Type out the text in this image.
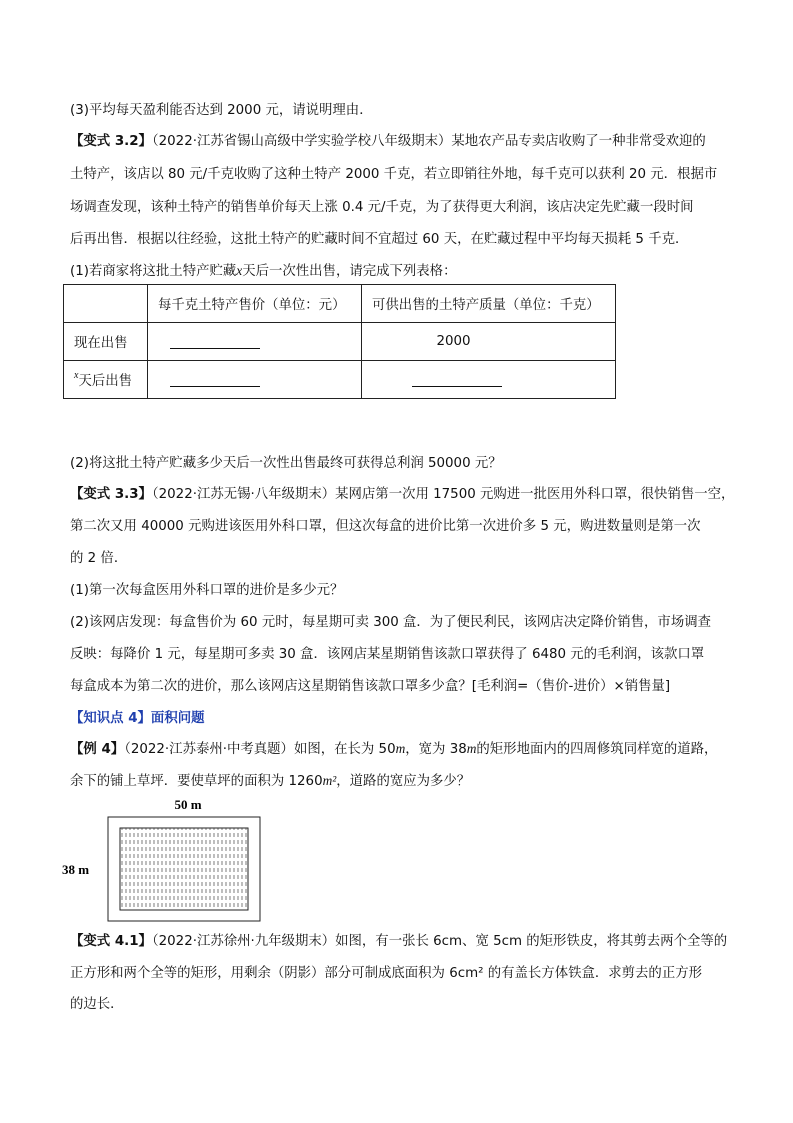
(3)平均每天盈利能否达到 2000 元，请说明理由．
【变式 3.2】（2022·江苏省锡山高级中学实验学校八年级期末）某地农产品专卖店收购了一种非常受欢迎的
土特产，该店以 80 元/千克收购了这种土特产 2000 千克，若立即销往外地，每千克可以获利 20 元．根据市
场调查发现，该种土特产的销售单价每天上涨 0.4 元/千克，为了获得更大利润，该店决定先贮藏一段时间
后再出售．根据以往经验，这批土特产的贮藏时间不宜超过 60 天，在贮藏过程中平均每天损耗 5 千克．
(1)若商家将这批土特产贮藏x天后一次性出售，请完成下列表格：
	每千克土特产售价（单位：元）	可供出售的土特产质量（单位：千克）
现在出售		2000
$^x$天后出售		
(2)将这批土特产贮藏多少天后一次性出售最终可获得总利润 50000 元？
【变式 3.3】（2022·江苏无锡·八年级期末）某网店第一次用 17500 元购进一批医用外科口罩，很快销售一空，
第二次又用 40000 元购进该医用外科口罩，但这次每盒的进价比第一次进价多 5 元，购进数量则是第一次
的 2 倍．
(1)第一次每盒医用外科口罩的进价是多少元？
(2)该网店发现：每盒售价为 60 元时，每星期可卖 300 盒．为了便民利民，该网店决定降价销售，市场调查
反映：每降价 1 元，每星期可多卖 30 盒．该网店某星期销售该款口罩获得了 6480 元的毛利润，该款口罩
每盒成本为第二次的进价，那么该网店这星期销售该款口罩多少盒？[毛利润=（售价-进价）×销售量]
【知识点 4】面积问题
【例 4】（2022·江苏泰州·中考真题）如图，在长为 50m，宽为 38m的矩形地面内的四周修筑同样宽的道路，
余下的铺上草坪．要使草坪的面积为 1260m²，道路的宽应为多少？
50 m
38 m
【变式 4.1】（2022·江苏徐州·九年级期末）如图，有一张长 6cm、宽 5cm 的矩形铁皮，将其剪去两个全等的
正方形和两个全等的矩形，用剩余（阴影）部分可制成底面积为 6cm² 的有盖长方体铁盒．求剪去的正方形
的边长．
